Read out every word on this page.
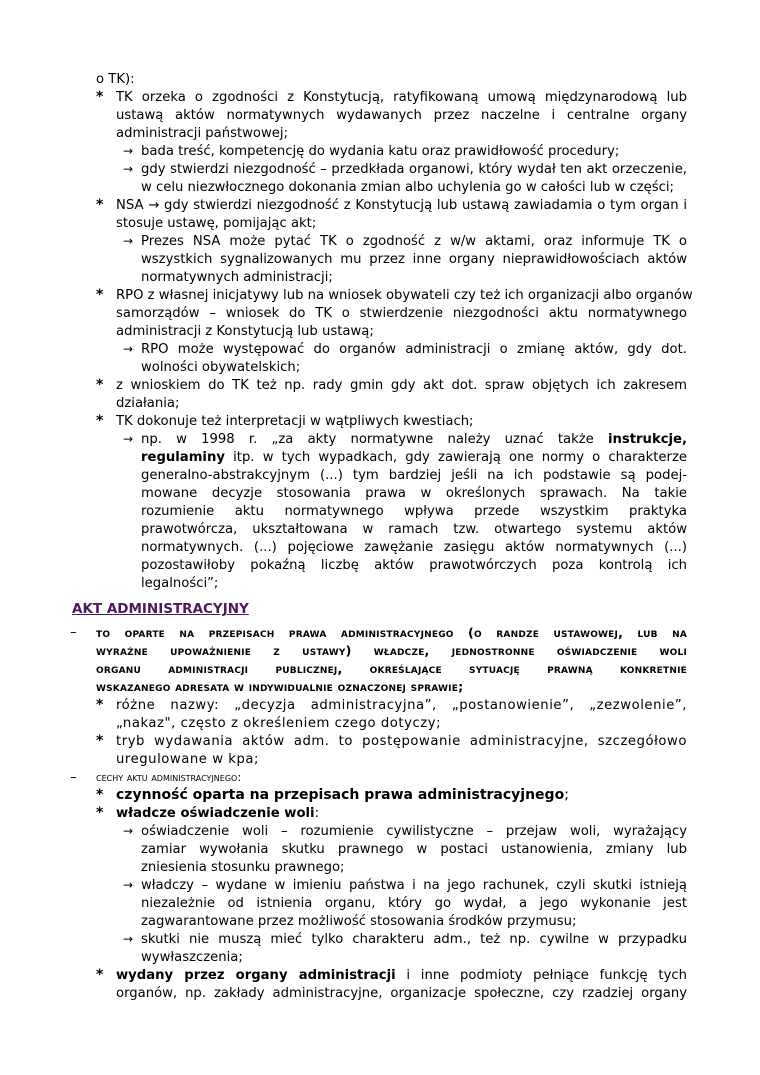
o TK):
* TK orzeka o zgodności z Konstytucją, ratyfikowaną umową międzynarodową lub
ustawą aktów normatywnych wydawanych przez naczelne i centralne organy
administracji państwowej;
→ bada treść, kompetencję do wydania katu oraz prawidłowość procedury;
→ gdy stwierdzi niezgodność – przedkłada organowi, który wydał ten akt orzeczenie,
w celu niezwłocznego dokonania zmian albo uchylenia go w całości lub w części;
* NSA → gdy stwierdzi niezgodność z Konstytucją lub ustawą zawiadamia o tym organ i
stosuje ustawę, pomijając akt;
→ Prezes NSA może pytać TK o zgodność z w/w aktami, oraz informuje TK o
wszystkich sygnalizowanych mu przez inne organy nieprawidłowościach aktów
normatywnych administracji;
* RPO z własnej inicjatywy lub na wniosek obywateli czy też ich organizacji albo organów
samorządów – wniosek do TK o stwierdzenie niezgodności aktu normatywnego
administracji z Konstytucją lub ustawą;
→ RPO może występować do organów administracji o zmianę aktów, gdy dot.
wolności obywatelskich;
* z wnioskiem do TK też np. rady gmin gdy akt dot. spraw objętych ich zakresem
działania;
* TK dokonuje też interpretacji w wątpliwych kwestiach;
→ np. w 1998 r. „za akty normatywne należy uznać także instrukcje,
regulaminy itp. w tych wypadkach, gdy zawierają one normy o charakterze
generalno-abstrakcyjnym (...) tym bardziej jeśli na ich podstawie są podej-
mowane decyzje stosowania prawa w określonych sprawach. Na takie
rozumienie aktu normatywnego wpływa przede wszystkim praktyka
prawotwórcza, ukształtowana w ramach tzw. otwartego systemu aktów
normatywnych. (...) pojęciowe zawężanie zasięgu aktów normatywnych (...)
pozostawiłoby pokaźną liczbę aktów prawotwórczych poza kontrolą ich
legalności”;
AKT ADMINISTRACYJNY
– to oparte na przepisach prawa administracyjnego (o randze ustawowej, lub na
wyraźne upoważnienie z ustawy) władcze, jednostronne oświadczenie woli
organu administracji publicznej, określające sytuację prawną konkretnie
wskazanego adresata w indywidualnie oznaczonej sprawie;
* różne nazwy: „decyzja administracyjna”, „postanowienie”, „zezwolenie”,
„nakaz", często z określeniem czego dotyczy;
* tryb wydawania aktów adm. to postępowanie administracyjne, szczegółowo
uregulowane w kpa;
– cechy aktu administracyjnego:
* czynność oparta na przepisach prawa administracyjnego;
* władcze oświadczenie woli:
→ oświadczenie woli – rozumienie cywilistyczne – przejaw woli, wyrażający
zamiar wywołania skutku prawnego w postaci ustanowienia, zmiany lub
zniesienia stosunku prawnego;
→ władczy – wydane w imieniu państwa i na jego rachunek, czyli skutki istnieją
niezależnie od istnienia organu, który go wydał, a jego wykonanie jest
zagwarantowane przez możliwość stosowania środków przymusu;
→ skutki nie muszą mieć tylko charakteru adm., też np. cywilne w przypadku
wywłaszczenia;
* wydany przez organy administracji i inne podmioty pełniące funkcję tych
organów, np. zakłady administracyjne, organizacje społeczne, czy rzadziej organy
